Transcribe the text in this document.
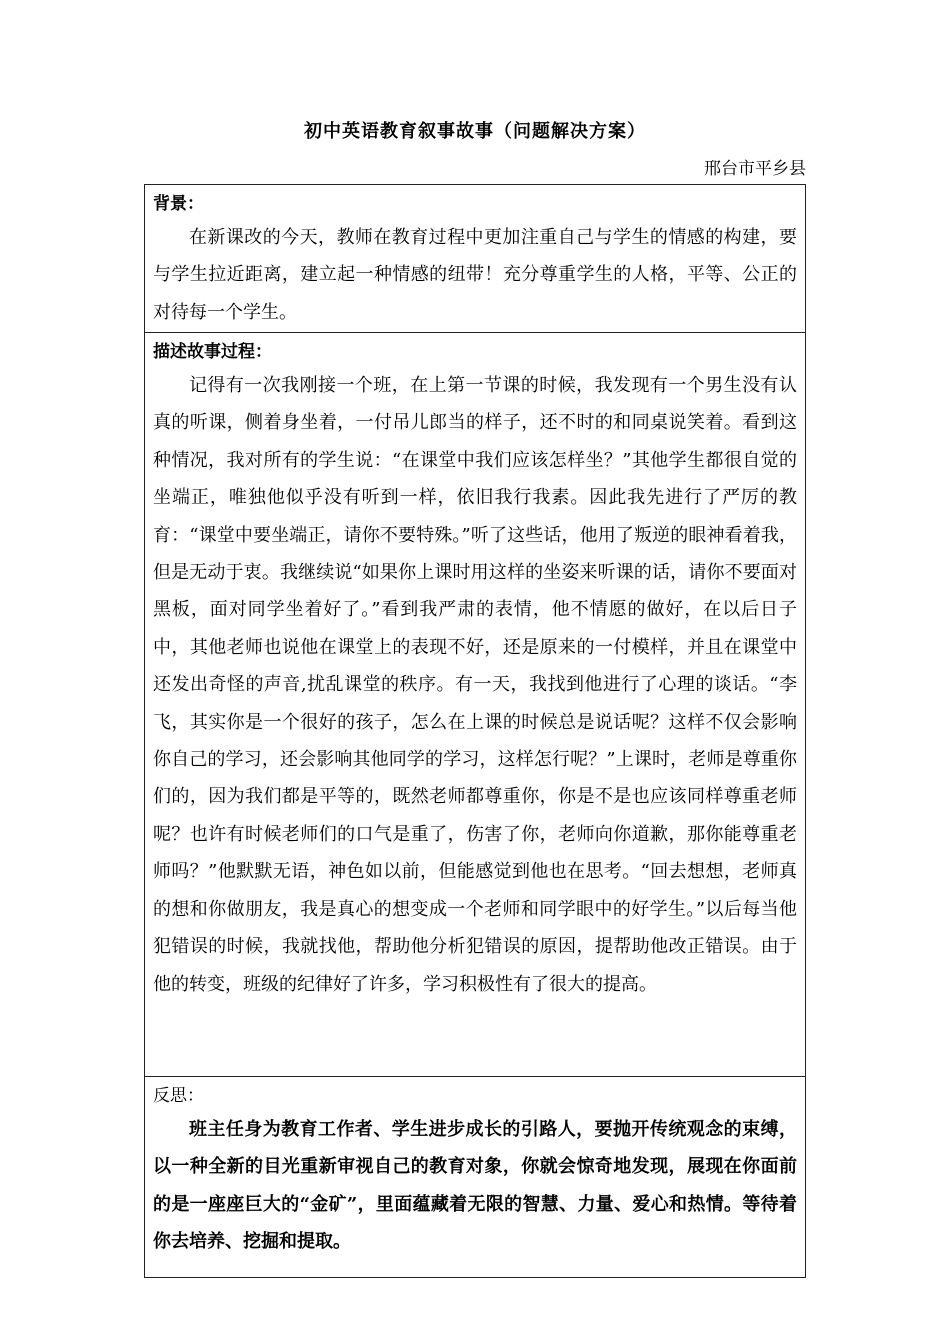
初中英语教育叙事故事（问题解决方案）
邢台市平乡县
背景：

在新课改的今天，教师在教育过程中更加注重自己与学生的情感的构建，要与学生拉近距离，建立起一种情感的纽带！充分尊重学生的人格，平等、公正的对待每一个学生。

描述故事过程：

记得有一次我刚接一个班，在上第一节课的时候，我发现有一个男生没有认真的听课，侧着身坐着，一付吊儿郎当的样子，还不时的和同桌说笑着。看到这种情况，我对所有的学生说：“在课堂中我们应该怎样坐？”其他学生都很自觉的坐端正，唯独他似乎没有听到一样，依旧我行我素。因此我先进行了严厉的教育：“课堂中要坐端正，请你不要特殊。”听了这些话，他用了叛逆的眼神看着我，但是无动于衷。我继续说“如果你上课时用这样的坐姿来听课的话，请你不要面对黑板，面对同学坐着好了。”看到我严肃的表情，他不情愿的做好，在以后日子中，其他老师也说他在课堂上的表现不好，还是原来的一付模样，并且在课堂中还发出奇怪的声音,扰乱课堂的秩序。有一天，我找到他进行了心理的谈话。“李飞，其实你是一个很好的孩子，怎么在上课的时候总是说话呢？这样不仅会影响你自己的学习，还会影响其他同学的学习，这样怎行呢？”上课时，老师是尊重你们的，因为我们都是平等的，既然老师都尊重你，你是不是也应该同样尊重老师呢？也许有时候老师们的口气是重了，伤害了你，老师向你道歉，那你能尊重老师吗？”他默默无语，神色如以前，但能感觉到他也在思考。“回去想想，老师真的想和你做朋友，我是真心的想变成一个老师和同学眼中的好学生。”以后每当他犯错误的时候，我就找他，帮助他分析犯错误的原因，提帮助他改正错误。由于他的转变，班级的纪律好了许多，学习积极性有了很大的提高。

反思：

班主任身为教育工作者、学生进步成长的引路人，要抛开传统观念的束缚，以一种全新的目光重新审视自己的教育对象，你就会惊奇地发现，展现在你面前的是一座座巨大的“金矿”，里面蕴藏着无限的智慧、力量、爱心和热情。等待着你去培养、挖掘和提取。
